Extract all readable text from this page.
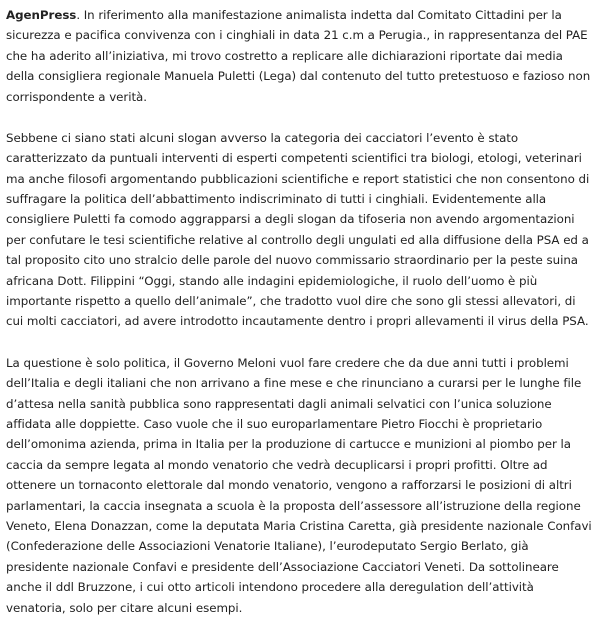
AgenPress. In riferimento alla manifestazione animalista indetta dal Comitato Cittadini per la sicurezza e pacifica convivenza con i cinghiali in data 21 c.m a Perugia., in rappresentanza del PAE che ha aderito all’iniziativa, mi trovo costretto a replicare alle dichiarazioni riportate dai media della consigliera regionale Manuela Puletti (Lega) dal contenuto del tutto pretestuoso e fazioso non corrispondente a verità.

Sebbene ci siano stati alcuni slogan avverso la categoria dei cacciatori l’evento è stato caratterizzato da puntuali interventi di esperti competenti scientifici tra biologi, etologi, veterinari ma anche filosofi argomentando pubblicazioni scientifiche e report statistici che non consentono di suffragare la politica dell’abbattimento indiscriminato di tutti i cinghiali. Evidentemente alla consigliere Puletti fa comodo aggrapparsi a degli slogan da tifoseria non avendo argomentazioni per confutare le tesi scientifiche relative al controllo degli ungulati ed alla diffusione della PSA ed a tal proposito cito uno stralcio delle parole del nuovo commissario straordinario per la peste suina africana Dott. Filippini “Oggi, stando alle indagini epidemiologiche, il ruolo dell’uomo è più importante rispetto a quello dell’animale”, che tradotto vuol dire che sono gli stessi allevatori, di cui molti cacciatori, ad avere introdotto incautamente dentro i propri allevamenti il virus della PSA.

La questione è solo politica, il Governo Meloni vuol fare credere che da due anni tutti i problemi dell’Italia e degli italiani che non arrivano a fine mese e che rinunciano a curarsi per le lunghe file d’attesa nella sanità pubblica sono rappresentati dagli animali selvatici con l’unica soluzione affidata alle doppiette. Caso vuole che il suo europarlamentare Pietro Fiocchi è proprietario dell’omonima azienda, prima in Italia per la produzione di cartucce e munizioni al piombo per la caccia da sempre legata al mondo venatorio che vedrà decuplicarsi i propri profitti. Oltre ad ottenere un tornaconto elettorale dal mondo venatorio, vengono a rafforzarsi le posizioni di altri parlamentari, la caccia insegnata a scuola è la proposta dell’assessore all’istruzione della regione Veneto, Elena Donazzan, come la deputata Maria Cristina Caretta, già presidente nazionale Confavi (Confederazione delle Associazioni Venatorie Italiane), l’eurodeputato Sergio Berlato, già presidente nazionale Confavi e presidente dell’Associazione Cacciatori Veneti. Da sottolineare anche il ddl Bruzzone, i cui otto articoli intendono procedere alla deregulation dell’attività venatoria, solo per citare alcuni esempi.
